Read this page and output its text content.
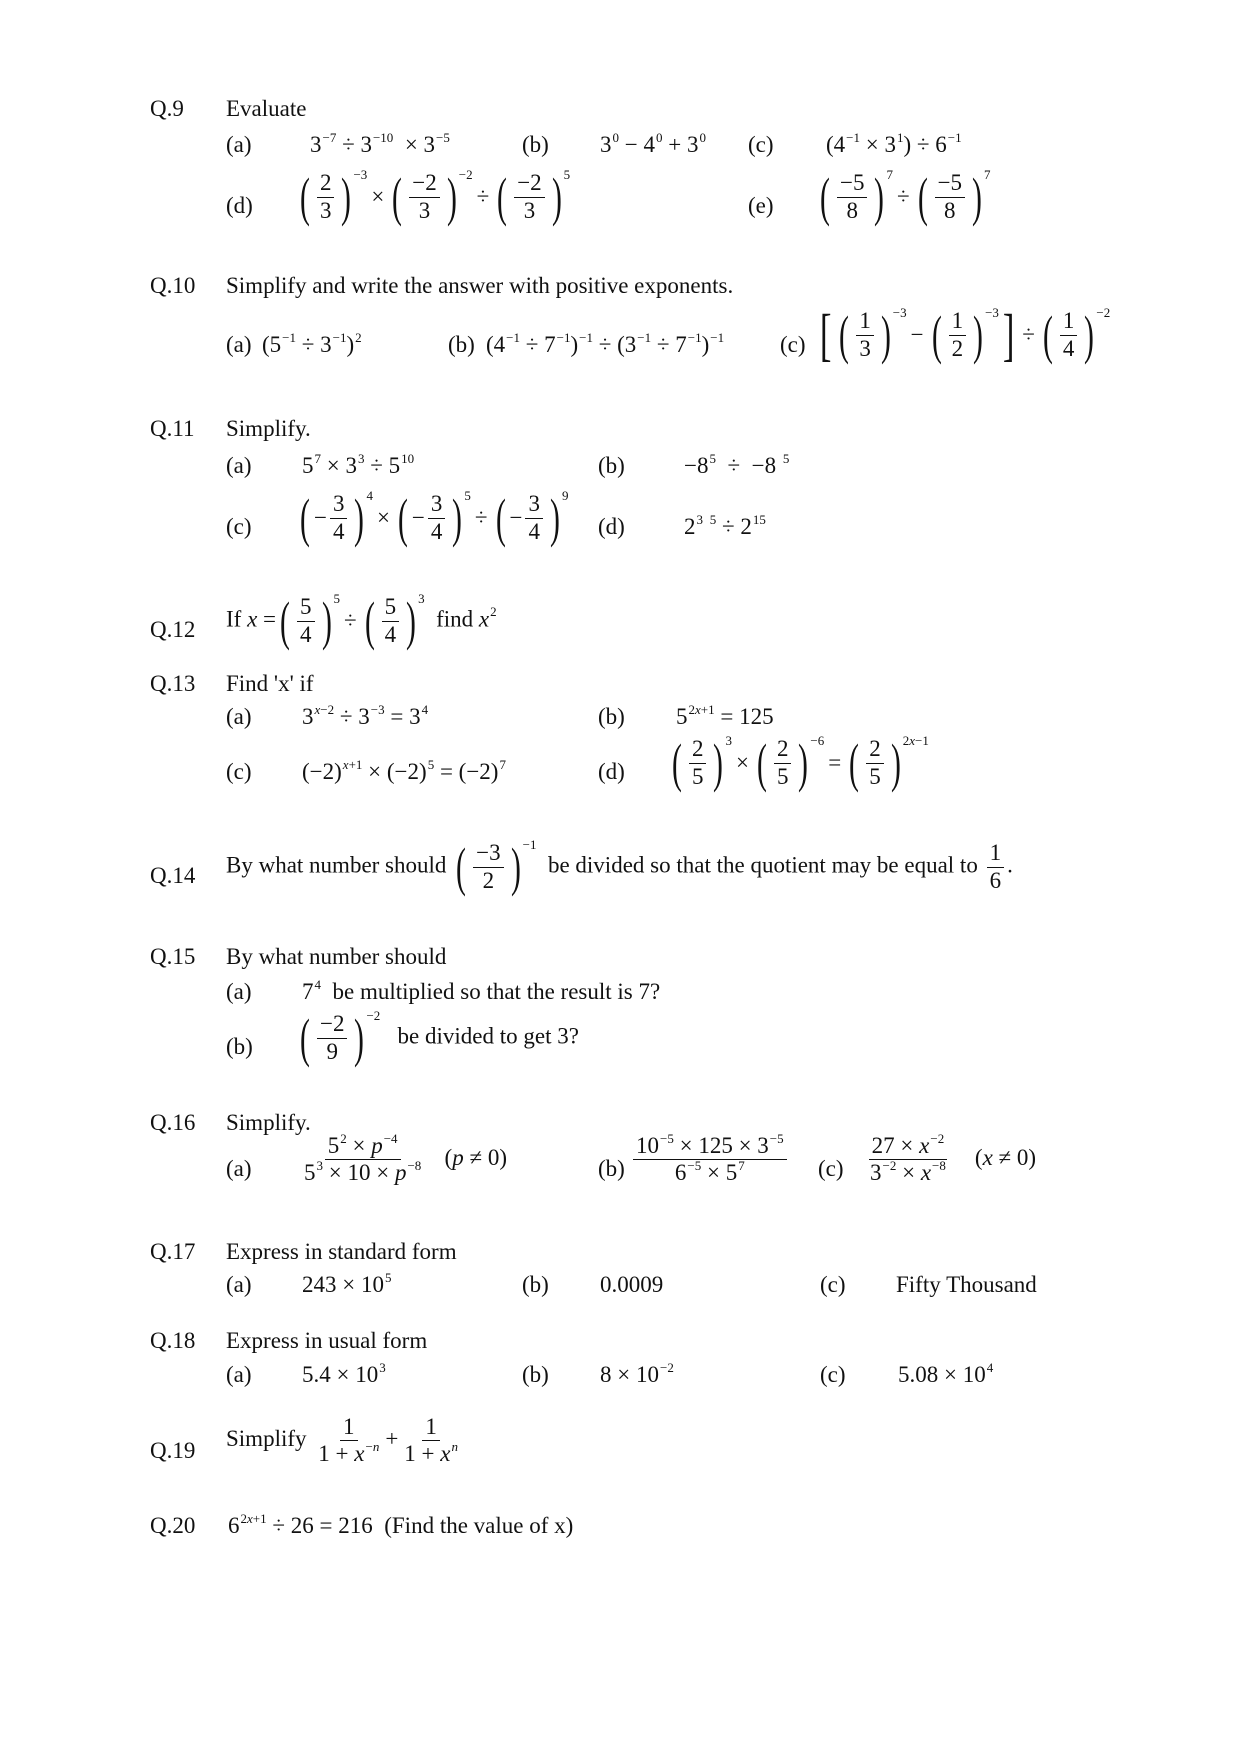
Q.9 Evaluate
(a)	$3^{-7} \div 3^{-10} \times 3^{-5}$	(b) $3^0 - 4^0 + 3^0$ (c) $(4^{-1} \times 3^1) \div 6^{-1}$
(d) ( $\frac{2}{3}$ ) −3
× ( $\frac{-2}{3}$ ) −2
÷ ( $\frac{-2}{3}$ ) 5
(e) ( $\frac{-5}{8}$ ) 7
÷ ( $\frac{-5}{8}$ ) 7
Q.10 Simplify and write the answer with positive exponents.
(a) $(5^{-1} \div 3^{-1})^2$	(b) $(4^{-1} \div 7^{-1})^{-1} \div (3^{-1} \div 7^{-1})^{-1}$ (c) [ ( $\frac{1}{3}$ ) −3
− ( $\frac{1}{2}$ ) −3 ] ÷ ( $\frac{1}{4}$ ) −2
Q.11 Simplify.
(a) $5^7 \times 3^3 \div 5^{10}$	(b)	$-8^5 \div -8$ $^5$
(c) ( − $\frac{3}{4}$ ) 4
× ( − $\frac{3}{4}$ ) 5
÷ ( − $\frac{3}{4}$ ) 9
(d)	$2^3$ $^5 \div 2^{15}$
Q.12 If x = ( $\frac{5}{4}$ ) 5
÷ ( $\frac{5}{4}$ ) 3
find $x^2$
Q.13 Find 'x' if
(a) $3^{x-2} \div 3^{-3} = 3^4$	(b) $5^{2x+1} = 125$
(c) $(-2)^{x+1} \times (-2)^5 = (-2)^7$	(d) ( $\frac{2}{5}$ ) 3
× ( $\frac{2}{5}$ ) −6
= ( $\frac{2}{5}$ ) 2x−1
Q.14 By what number should ( $\frac{-3}{2}$ ) −1
be divided so that the quotient may be equal to $\frac{1}{6}$ .
Q.15 By what number should
(a) $7^4$ be multiplied so that the result is 7?
(b) ( $\frac{-2}{9}$ ) −2
be divided to get 3?
Q.16 Simplify.
$(a) \frac{5^2 \times p^{-4}}{5^3 \times 10 \times p^{-8}} (p \ne 0)$	$(b) \frac{10^{-5} \times 125 \times 3^{-5}}{6^{-5} \times 5^7} (c) \frac{27 \times x^{-2}}{3^{-2} \times x^{-8}} (x \ne 0)$
Q.17 Express in standard form
(a) $243 \times 10^5$	(b) 0.0009	(c) Fifty Thousand
Q.18 Express in usual form
(a) $5.4 \times 10^3$	(b) $8 \times 10^{-2}$	(c) $5.08 \times 10^4$
Q.19 Simplify $\frac{1}{1 + x^{-n}} + \frac{1}{1 + x^n}$
Q.20 $6^{2x+1} \div 26 = 216$  (Find the value of x)
